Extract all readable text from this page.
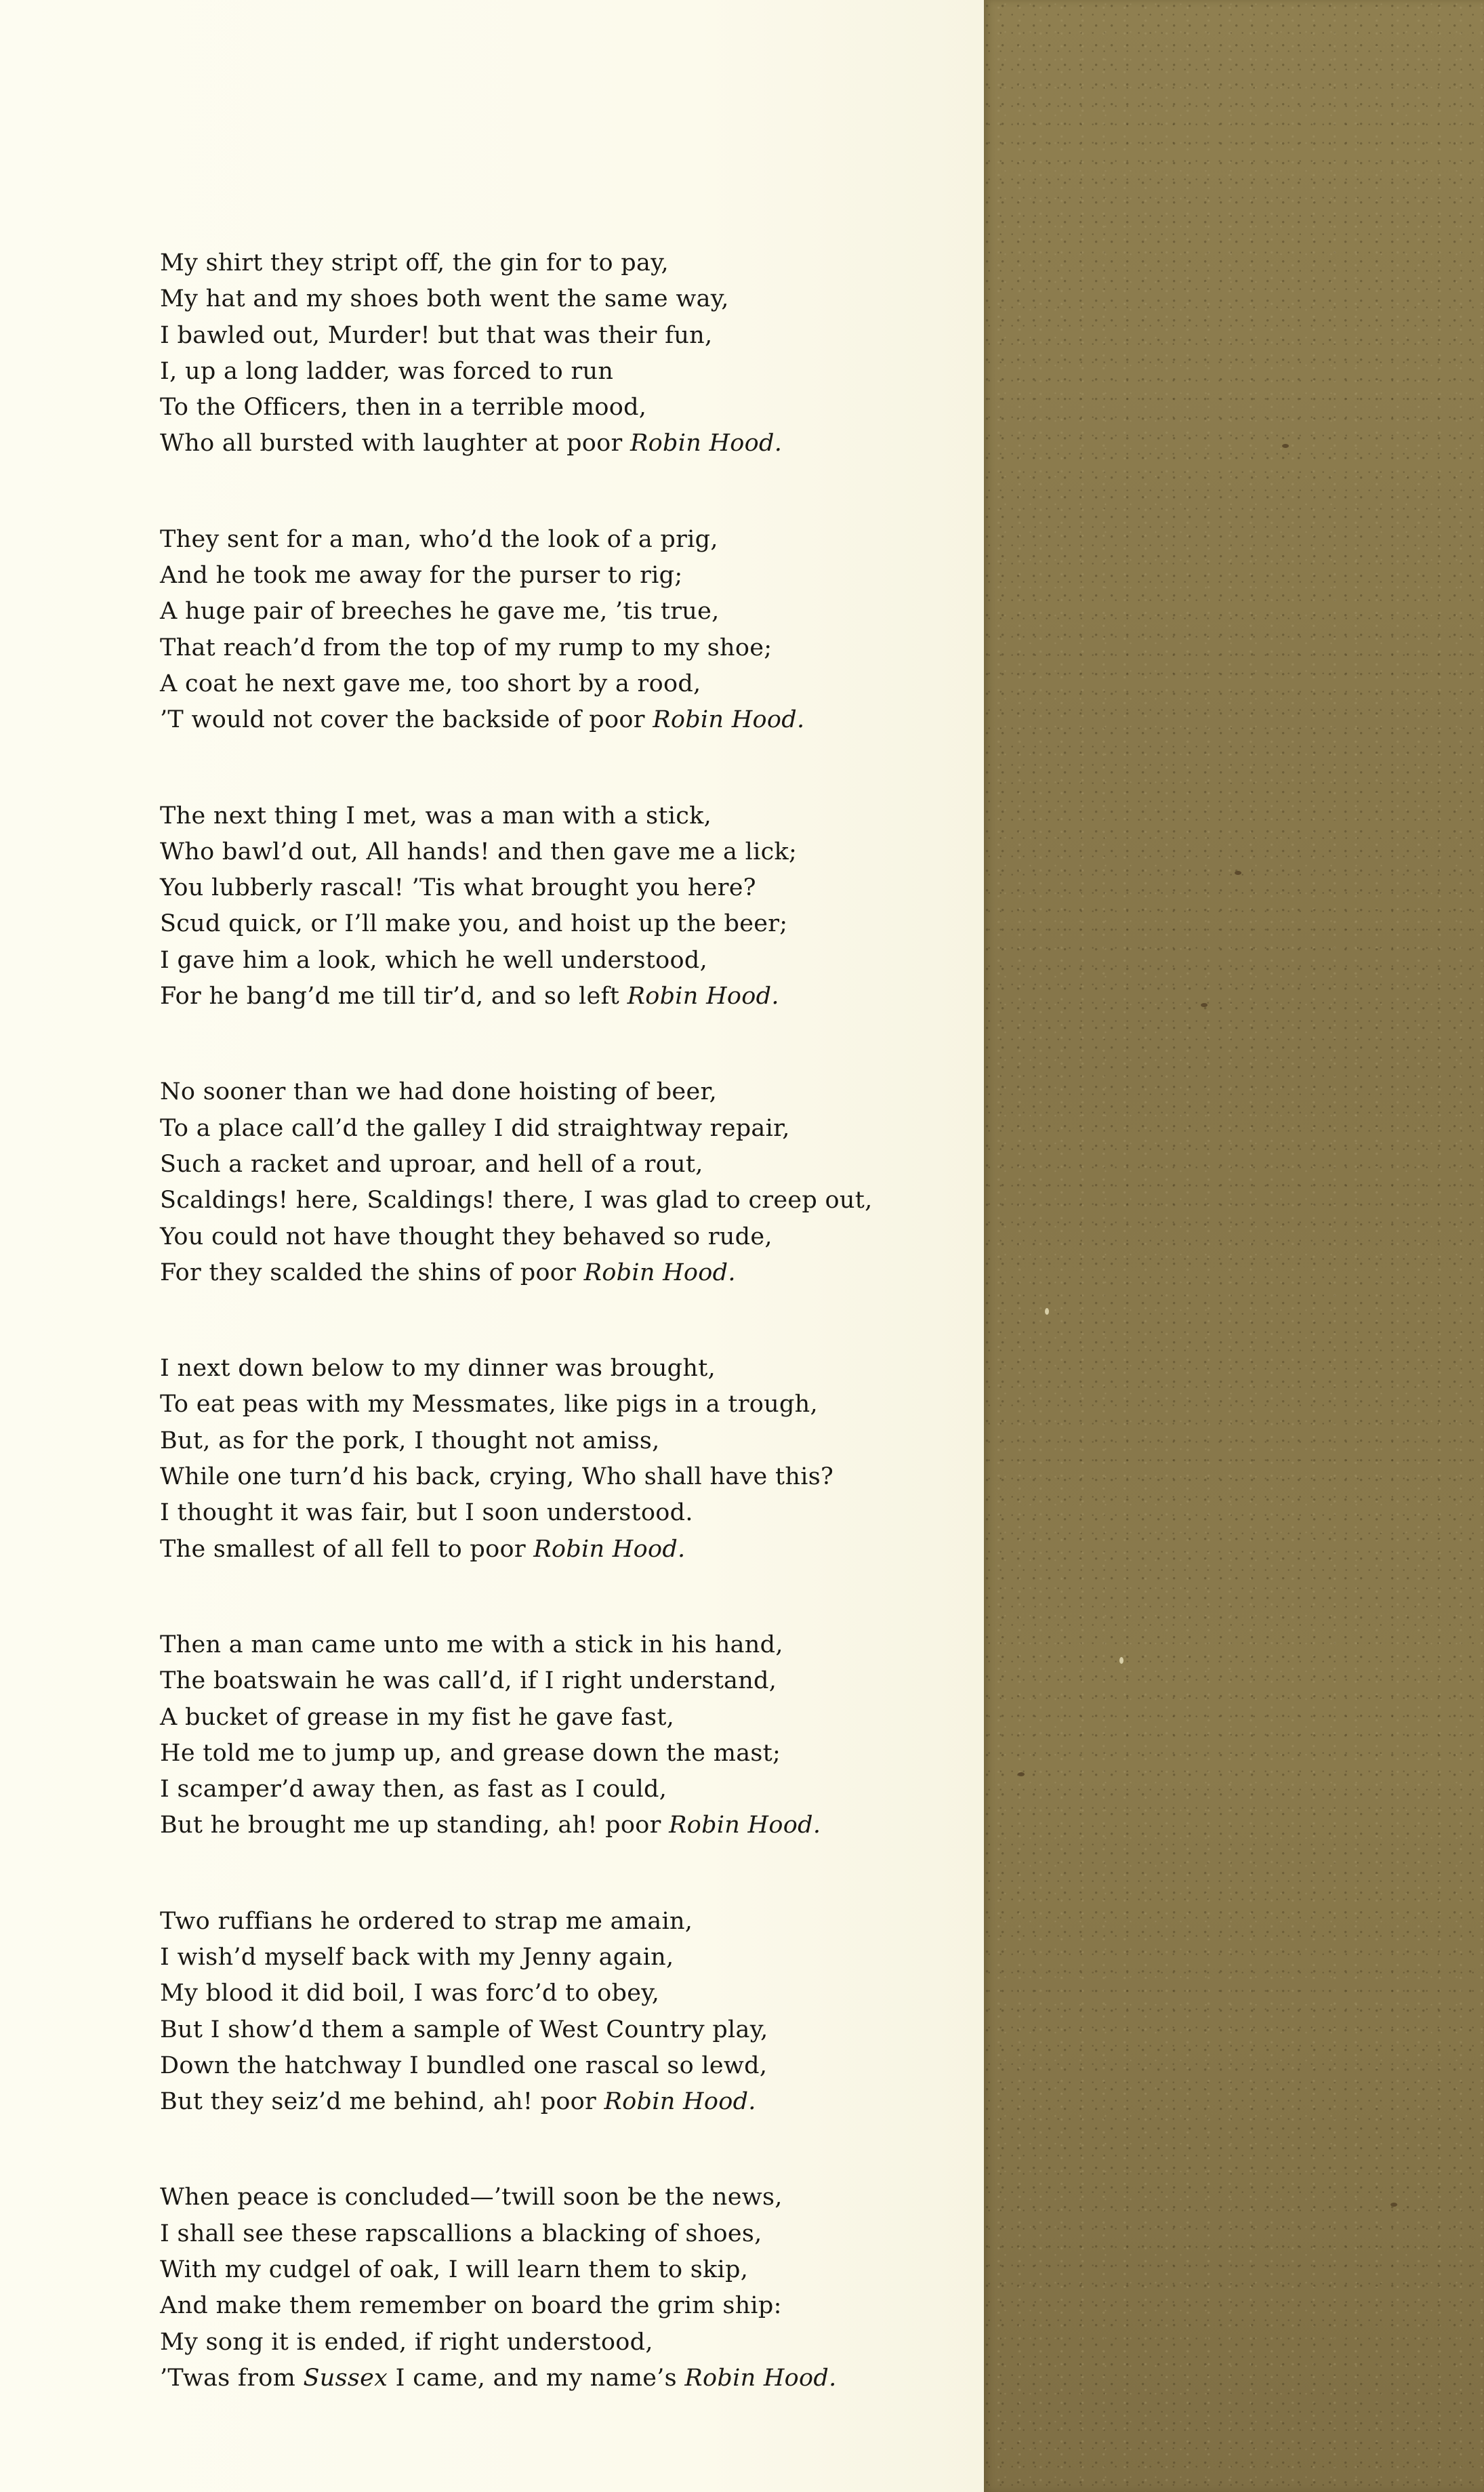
My shirt they stript off, the gin for to pay,
My hat and my shoes both went the same way,
I bawled out, Murder! but that was their fun,
I, up a long ladder, was forced to run
To the Officers, then in a terrible mood,
Who all bursted with laughter at poor Robin Hood.
They sent for a man, who’d the look of a prig,
And he took me away for the purser to rig;
A huge pair of breeches he gave me, ’tis true,
That reach’d from the top of my rump to my shoe;
A coat he next gave me, too short by a rood,
’T would not cover the backside of poor Robin Hood.
The next thing I met, was a man with a stick,
Who bawl’d out, All hands! and then gave me a lick;
You lubberly rascal! ’Tis what brought you here?
Scud quick, or I’ll make you, and hoist up the beer;
I gave him a look, which he well understood,
For he bang’d me till tir’d, and so left Robin Hood.
No sooner than we had done hoisting of beer,
To a place call’d the galley I did straightway repair,
Such a racket and uproar, and hell of a rout,
Scaldings! here, Scaldings! there, I was glad to creep out,
You could not have thought they behaved so rude,
For they scalded the shins of poor Robin Hood.
I next down below to my dinner was brought,
To eat peas with my Messmates, like pigs in a trough,
But, as for the pork, I thought not amiss,
While one turn’d his back, crying, Who shall have this?
I thought it was fair, but I soon understood.
The smallest of all fell to poor Robin Hood.
Then a man came unto me with a stick in his hand,
The boatswain he was call’d, if I right understand,
A bucket of grease in my fist he gave fast,
He told me to jump up, and grease down the mast;
I scamper’d away then, as fast as I could,
But he brought me up standing, ah! poor Robin Hood.
Two ruffians he ordered to strap me amain,
I wish’d myself back with my Jenny again,
My blood it did boil, I was forc’d to obey,
But I show’d them a sample of West Country play,
Down the hatchway I bundled one rascal so lewd,
But they seiz’d me behind, ah! poor Robin Hood.
When peace is concluded—’twill soon be the news,
I shall see these rapscallions a blacking of shoes,
With my cudgel of oak, I will learn them to skip,
And make them remember on board the grim ship:
My song it is ended, if right understood,
’Twas from Sussex I came, and my name’s Robin Hood.
